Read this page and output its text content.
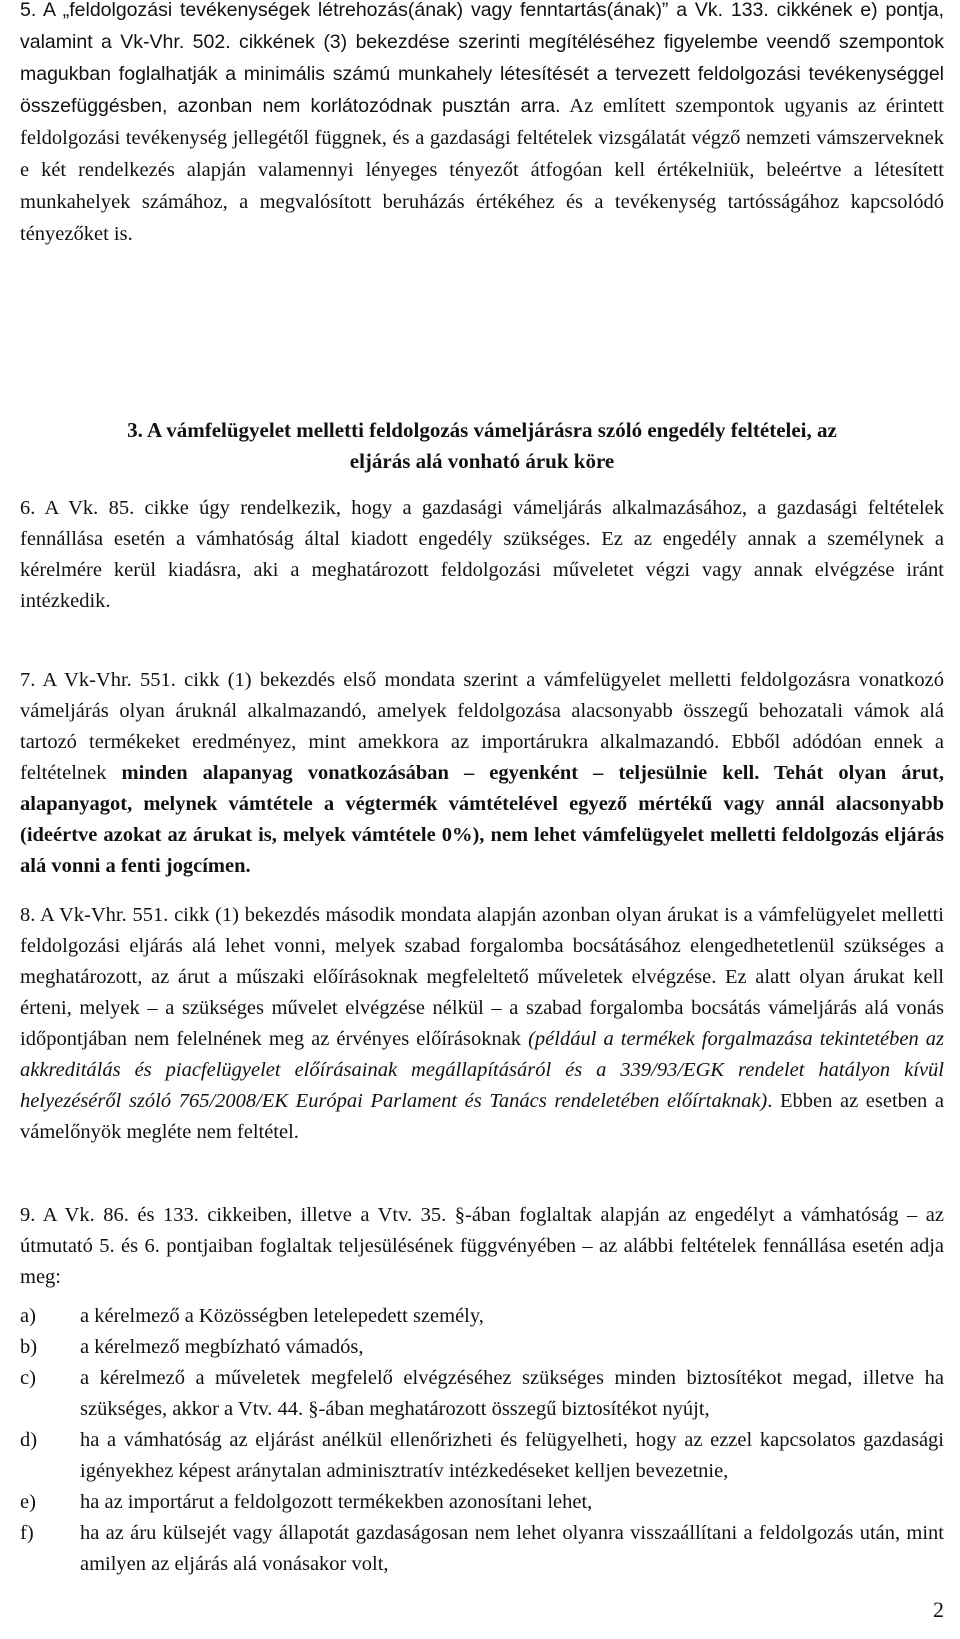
5. A „feldolgozási tevékenységek létrehozás(ának) vagy fenntartás(ának)” a Vk. 133. cikkének e) pontja, valamint a Vk-Vhr. 502. cikkének (3) bekezdése szerinti megítéléséhez figyelembe veendő szempontok magukban foglalhatják a minimális számú munkahely létesítését a tervezett feldolgozási tevékenységgel összefüggésben, azonban nem korlátozódnak pusztán arra. Az említett szempontok ugyanis az érintett feldolgozási tevékenység jellegétől függnek, és a gazdasági feltételek vizsgálatát végző nemzeti vámszerveknek e két rendelkezés alapján valamennyi lényeges tényezőt átfogóan kell értékelniük, beleértve a létesített munkahelyek számához, a megvalósított beruházás értékéhez és a tevékenység tartósságához kapcsolódó tényezőket is.

3. A vámfelügyelet melletti feldolgozás vámeljárásra szóló engedély feltételei, az

eljárás alá vonható áruk köre

6. A Vk. 85. cikke úgy rendelkezik, hogy a gazdasági vámeljárás alkalmazásához, a gazdasági feltételek fennállása esetén a vámhatóság által kiadott engedély szükséges. Ez az engedély annak a személynek a kérelmére kerül kiadásra, aki a meghatározott feldolgozási műveletet végzi vagy annak elvégzése iránt intézkedik.

7. A Vk-Vhr. 551. cikk (1) bekezdés első mondata szerint a vámfelügyelet melletti feldolgozásra vonatkozó vámeljárás olyan áruknál alkalmazandó, amelyek feldolgozása alacsonyabb összegű behozatali vámok alá tartozó termékeket eredményez, mint amekkora az importárukra alkalmazandó. Ebből adódóan ennek a feltételnek minden alapanyag vonatkozásában – egyenként – teljesülnie kell. Tehát olyan árut, alapanyagot, melynek vámtétele a végtermék vámtételével egyező mértékű vagy annál alacsonyabb (ideértve azokat az árukat is, melyek vámtétele 0%), nem lehet vámfelügyelet melletti feldolgozás eljárás alá vonni a fenti jogcímen.

8. A Vk-Vhr. 551. cikk (1) bekezdés második mondata alapján azonban olyan árukat is a vámfelügyelet melletti feldolgozási eljárás alá lehet vonni, melyek szabad forgalomba bocsátásához elengedhetetlenül szükséges a meghatározott, az árut a műszaki előírásoknak megfeleltető műveletek elvégzése. Ez alatt olyan árukat kell érteni, melyek – a szükséges művelet elvégzése nélkül – a szabad forgalomba bocsátás vámeljárás alá vonás időpontjában nem felelnének meg az érvényes előírásoknak (például a termékek forgalmazása tekintetében az akkreditálás és piacfelügyelet előírásainak megállapításáról és a 339/93/EGK rendelet hatályon kívül helyezéséről szóló 765/2008/EK Európai Parlament és Tanács rendeletében előírtaknak). Ebben az esetben a vámelőnyök megléte nem feltétel.

9. A Vk. 86. és 133. cikkeiben, illetve a Vtv. 35. §-ában foglaltak alapján az engedélyt a vámhatóság – az útmutató 5. és 6. pontjaiban foglaltak teljesülésének függvényében – az alábbi feltételek fennállása esetén adja meg:

a) a kérelmező a Közösségben letelepedett személy,
b) a kérelmező megbízható vámadós,
c) a kérelmező a műveletek megfelelő elvégzéséhez szükséges minden biztosítékot megad, illetve ha szükséges, akkor a Vtv. 44. §-ában meghatározott összegű biztosítékot nyújt,
d) ha a vámhatóság az eljárást anélkül ellenőrizheti és felügyelheti, hogy az ezzel kapcsolatos gazdasági igényekhez képest aránytalan adminisztratív intézkedéseket kelljen bevezetnie,
e) ha az importárut a feldolgozott termékekben azonosítani lehet,
f) ha az áru külsejét vagy állapotát gazdaságosan nem lehet olyanra visszaállítani a feldolgozás után, mint amilyen az eljárás alá vonásakor volt,
2
